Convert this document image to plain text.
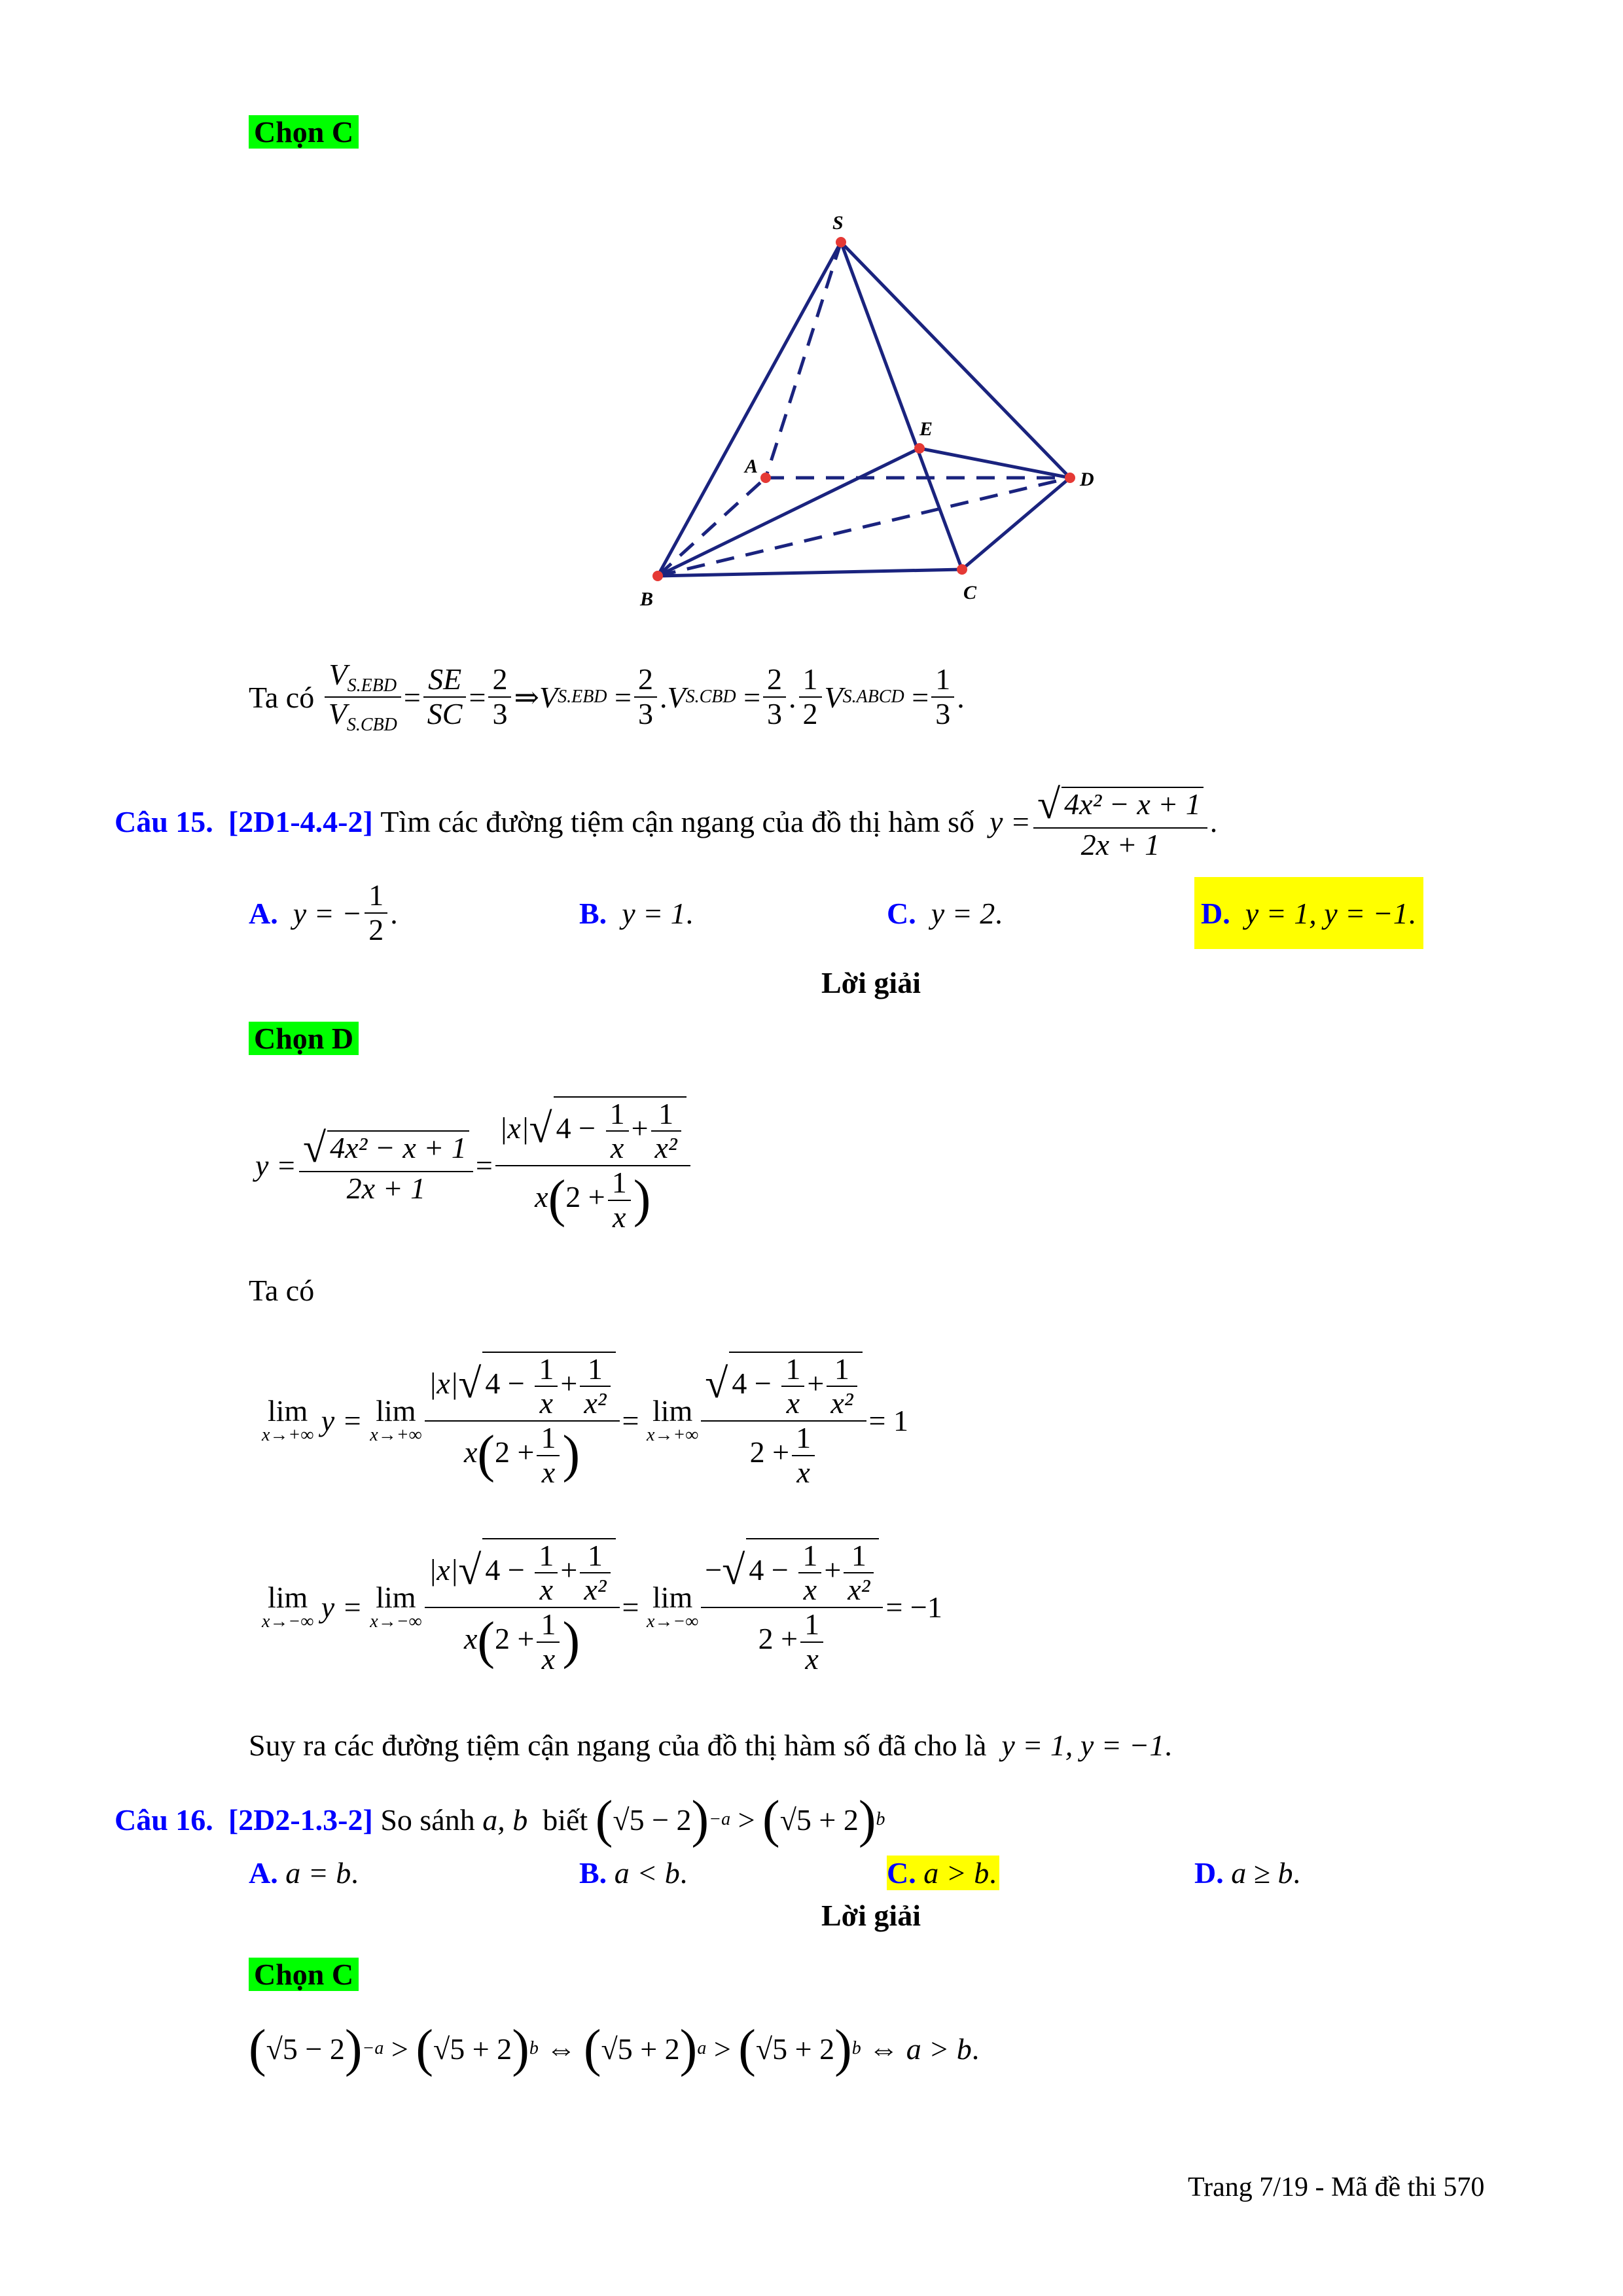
Chọn C
S
A
B	C
D
E
Ta có
$\frac{V_{S.EBD}}{V_{S.CBD}} = \frac{SE}{SC} = \frac{2}{3}$ ⇒ V S.EBD
= $\frac{2}{3}$ . V S.CBD
= $\frac{2}{3}$ . $\frac{1}{2}$ V S.ABCD
= $\frac{1}{3}$ .
Câu 15.
[2D1-4.4-2]
Tìm các đường tiệm cận ngang của đồ thị hàm số
$y = \frac{\text{√ 4x² − x + 1}}{2x + 1}$ .
A.
y = − $\frac{1}{2}$ .	B.
y = 1 .	C.
y = 2 .	D.
y = 1, y = −1 .
Lời giải
Chọn D
$y = \frac{\text{√ 4x² − x + 1}}{2x + 1} = \frac{|x|√ 4 - \frac{1}{x} + \frac{1}{\text{x²}}}{x(2 + \frac{1}{x} )}$
Ta có
lim
x→+∞
y =
lim
$x\to+\infty \frac{|x|√ 4 - \frac{1}{x} + \frac{1}{\text{x²}}}{x(2 + \frac{1}{x} )}$ =
lim
$x\to+\infty \frac{√ 4 - \frac{1}{x} + \frac{1}{\text{x²}}}{2 + \frac{1}{x}} = 1$
lim
x→−∞
y =
lim
$x\to-\infty \frac{|x|√ 4 - \frac{1}{x} + \frac{1}{\text{x²}}}{x(2 + \frac{1}{x} )}$ =
lim
$x\to-\infty \frac{-√ 4 - \frac{1}{x} + \frac{1}{\text{x²}}}{2 + \frac{1}{x}} = -1$
Suy ra các đường tiệm cận ngang của đồ thị hàm số đã cho là y = 1, y = −1.
Câu 16.
[2D2-1.3-2]
So sánh
a, b
biết
( √5 − 2 ) −a
>
( √5 + 2 ) b
A. a = b.	B. a < b.	C. a > b.	D. a ≥ b.
Lời giải
Chọn C
( √5 − 2 ) −a
>
( √5 + 2 ) b
⇔
( √5 + 2 ) a
>
( √5 + 2 ) b
⇔
a > b .
Trang 7/19 - Mã đề thi 570
